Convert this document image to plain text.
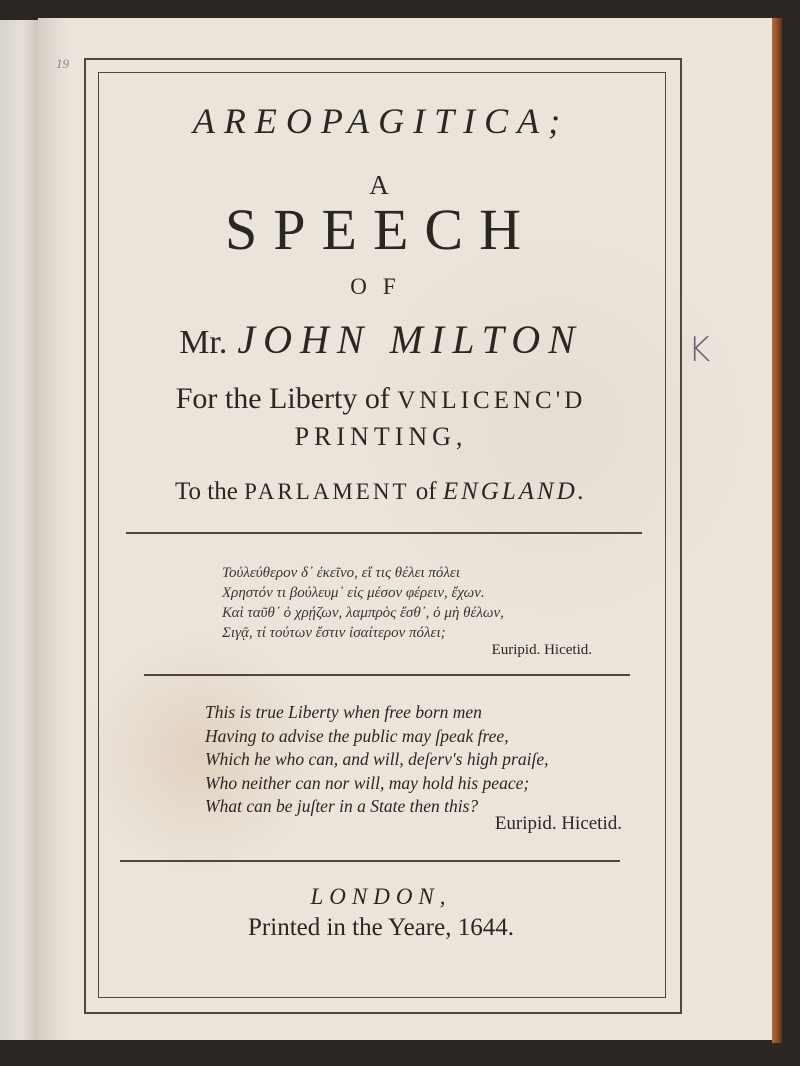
19
AREOPAGITICA;
A
SPEECH
OF
Mr. JOHN MILTON	K
For the Liberty of VNLICENC'D
PRINTING,
To the PARLAMENT of ENGLAND.
Τοὐλεύθερον δ᾽ ἐκεῖνο, εἴ τις θέλει πόλει
Χρηστόν τι βούλευμ᾽ εἰς μέσον φέρειν, ἔχων.
Καὶ ταῦθ᾽ ὁ χρῄζων, λαμπρὸς ἔσθ᾽, ὁ μὴ θέλων,
Σιγᾷ, τί τούτων ἔστιν ἰσαίτερον πόλει;
Euripid. Hicetid.
This is true Liberty when free born men
Having to advise the public may ſpeak free,
Which he who can, and will, deſerv's high praiſe,
Who neither can nor will, may hold his peace;
What can be juſter in a State then this?
Euripid. Hicetid.
LONDON,
Printed in the Yeare, 1644.
